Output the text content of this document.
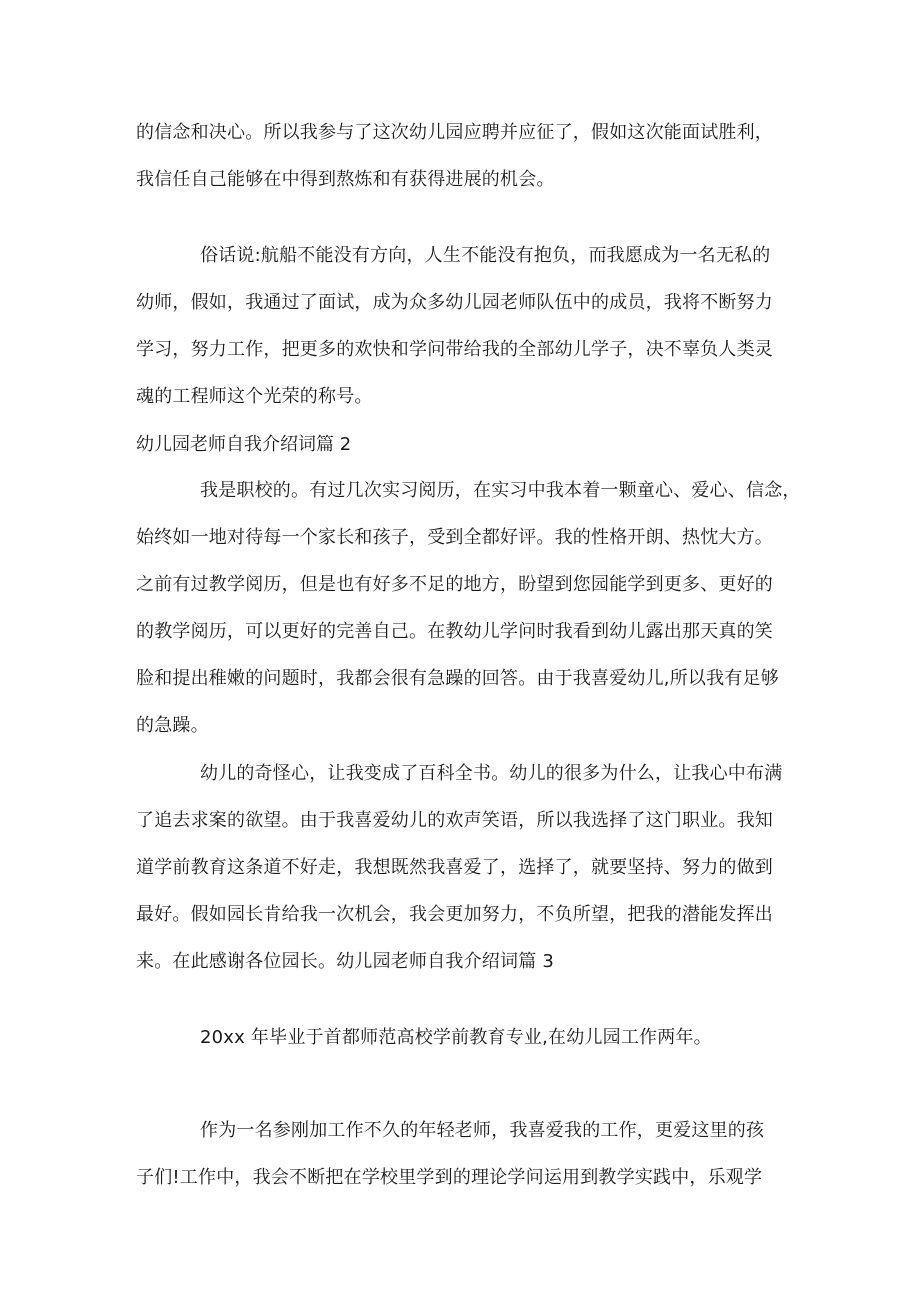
的信念和决心。所以我参与了这次幼儿园应聘并应征了，假如这次能面试胜利，
我信任自己能够在中得到熬炼和有获得进展的机会。
俗话说:航船不能没有方向，人生不能没有抱负，而我愿成为一名无私的
幼师，假如，我通过了面试，成为众多幼儿园老师队伍中的成员，我将不断努力
学习，努力工作，把更多的欢快和学问带给我的全部幼儿学子，决不辜负人类灵
魂的工程师这个光荣的称号。
幼儿园老师自我介绍词篇 2
我是职校的。有过几次实习阅历，在实习中我本着一颗童心、爱心、信念，
始终如一地对待每一个家长和孩子，受到全都好评。我的性格开朗、热忱大方。
之前有过教学阅历，但是也有好多不足的地方，盼望到您园能学到更多、更好的
的教学阅历，可以更好的完善自己。在教幼儿学问时我看到幼儿露出那天真的笑
脸和提出稚嫩的问题时，我都会很有急躁的回答。由于我喜爱幼儿,所以我有足够
的急躁。
幼儿的奇怪心，让我变成了百科全书。幼儿的很多为什么，让我心中布满
了追去求案的欲望。由于我喜爱幼儿的欢声笑语，所以我选择了这门职业。我知
道学前教育这条道不好走，我想既然我喜爱了，选择了，就要坚持、努力的做到
最好。假如园长肯给我一次机会，我会更加努力，不负所望，把我的潜能发挥出
来。在此感谢各位园长。幼儿园老师自我介绍词篇 3
20xx 年毕业于首都师范高校学前教育专业,在幼儿园工作两年。
作为一名参刚加工作不久的年轻老师，我喜爱我的工作，更爱这里的孩
子们!工作中，我会不断把在学校里学到的理论学问运用到教学实践中，乐观学
